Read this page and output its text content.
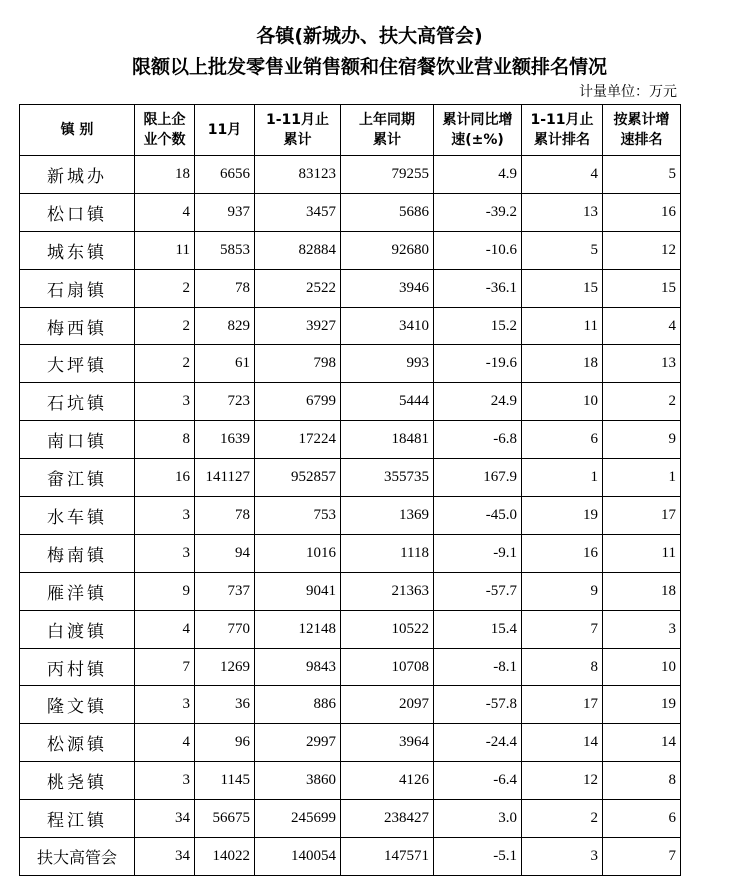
各镇(新城办、扶大高管会)
限额以上批发零售业销售额和住宿餐饮业营业额排名情况
计量单位：万元
镇 别	限上企业个数	11月	1-11月止累计	上年同期累计	累计同比增速(±%)	1-11月止累计排名	按累计增速排名
新城办	18	6656	83123	79255	4.9	4	5
松口镇	4	937	3457	5686	-39.2	13	16
城东镇	11	5853	82884	92680	-10.6	5	12
石扇镇	2	78	2522	3946	-36.1	15	15
梅西镇	2	829	3927	3410	15.2	11	4
大坪镇	2	61	798	993	-19.6	18	13
石坑镇	3	723	6799	5444	24.9	10	2
南口镇	8	1639	17224	18481	-6.8	6	9
畲江镇	16	141127	952857	355735	167.9	1	1
水车镇	3	78	753	1369	-45.0	19	17
梅南镇	3	94	1016	1118	-9.1	16	11
雁洋镇	9	737	9041	21363	-57.7	9	18
白渡镇	4	770	12148	10522	15.4	7	3
丙村镇	7	1269	9843	10708	-8.1	8	10
隆文镇	3	36	886	2097	-57.8	17	19
松源镇	4	96	2997	3964	-24.4	14	14
桃尧镇	3	1145	3860	4126	-6.4	12	8
程江镇	34	56675	245699	238427	3.0	2	6
扶大高管会	34	14022	140054	147571	-5.1	3	7
